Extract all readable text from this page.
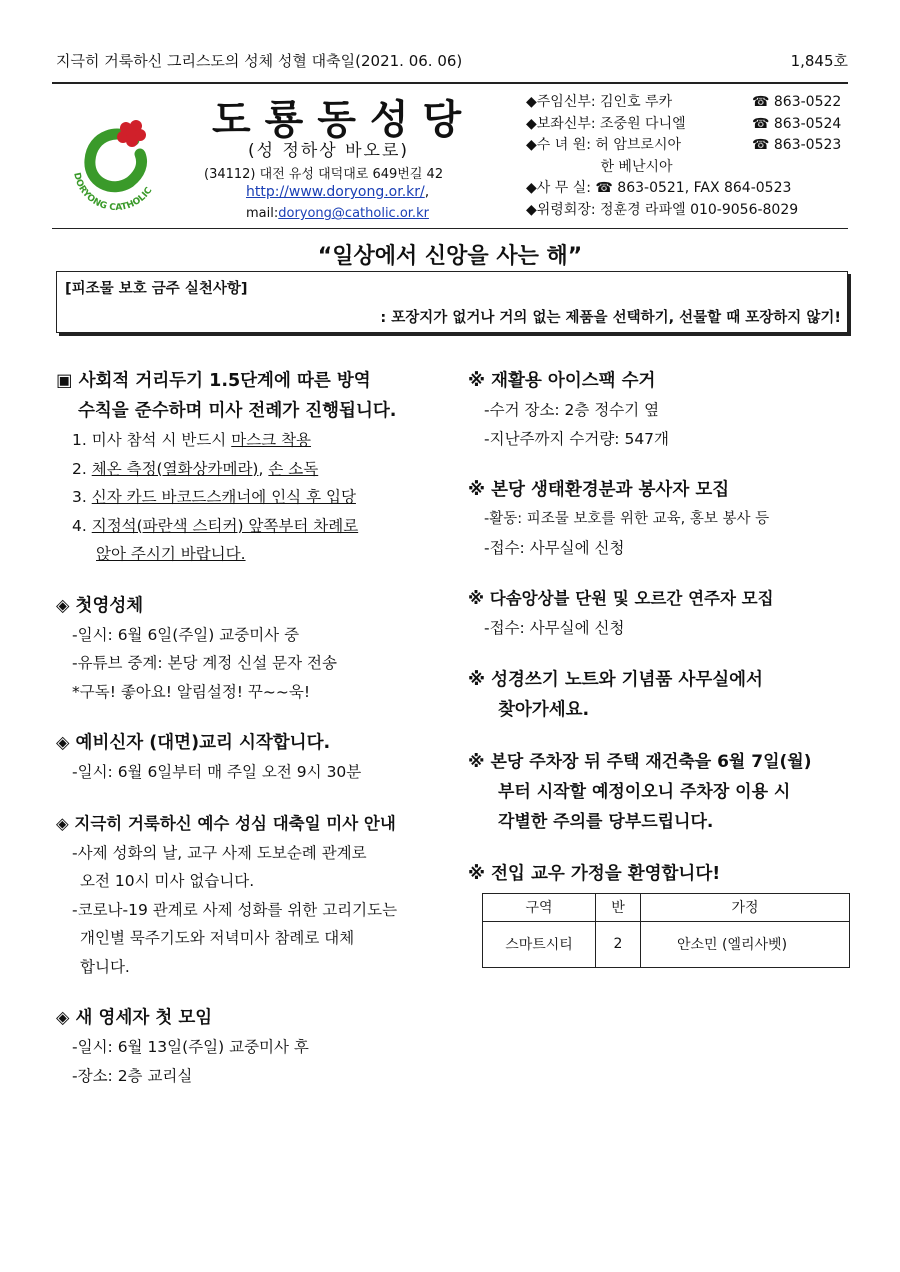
지극히 거룩하신 그리스도의 성체 성혈 대축일(2021. 06. 06)	1,845호
DORYONG CATHOLIC
도룡동성당
(성 정하상 바오로)
(34112) 대전 유성 대덕대로 649번길 42
http://www.doryong.or.kr/,
mail:doryong@catholic.or.kr
◆주임신부: 김인호 루카	☎ 863-0522
◆보좌신부: 조중원 다니엘	☎ 863-0524
◆수 녀 원: 허 암브로시아	☎ 863-0523
　　　　　 한 베난시아
◆사 무 실: ☎ 863-0521, FAX 864-0523
◆위령회장: 정훈경 라파엘 010-9056-8029
“일상에서 신앙을 사는 해”
[피조물 보호 금주 실천사항]
: 포장지가 없거나 거의 없는 제품을 선택하기, 선물할 때 포장하지 않기!
▣ 사회적 거리두기 1.5단계에 따른 방역
수칙을 준수하며 미사 전례가 진행됩니다.
1. 미사 참석 시 반드시 마스크 착용
2. 체온 측정(열화상카메라), 손 소독
3. 신자 카드 바코드스캐너에 인식 후 입당
4. 지정석(파란색 스티커) 앞쪽부터 차례로
앉아 주시기 바랍니다.
◈ 첫영성체
-일시: 6월 6일(주일) 교중미사 중
-유튜브 중계: 본당 계정 신설 문자 전송
*구독! 좋아요! 알림설정! 꾸~~욱!
◈ 예비신자 (대면)교리 시작합니다.
-일시: 6월 6일부터 매 주일 오전 9시 30분
◈ 지극히 거룩하신 예수 성심 대축일 미사 안내
-사제 성화의 날, 교구 사제 도보순례 관계로
오전 10시 미사 없습니다.
-코로나-19 관계로 사제 성화를 위한 고리기도는
개인별 묵주기도와 저녁미사 참례로 대체
합니다.
◈ 새 영세자 첫 모임
-일시: 6월 13일(주일) 교중미사 후
-장소: 2층 교리실
※ 재활용 아이스팩 수거
-수거 장소: 2층 정수기 옆
-지난주까지 수거량: 547개
※ 본당 생태환경분과 봉사자 모집
-활동: 피조물 보호를 위한 교육, 홍보 봉사 등
-접수: 사무실에 신청
※ 다솜앙상블 단원 및 오르간 연주자 모집
-접수: 사무실에 신청
※ 성경쓰기 노트와 기념품 사무실에서
찾아가세요.
※ 본당 주차장 뒤 주택 재건축을 6월 7일(월)
부터 시작할 예정이오니 주차장 이용 시
각별한 주의를 당부드립니다.
※ 전입 교우 가정을 환영합니다!
구역	반	가정
스마트시티	2	안소민 (엘리사벳)
